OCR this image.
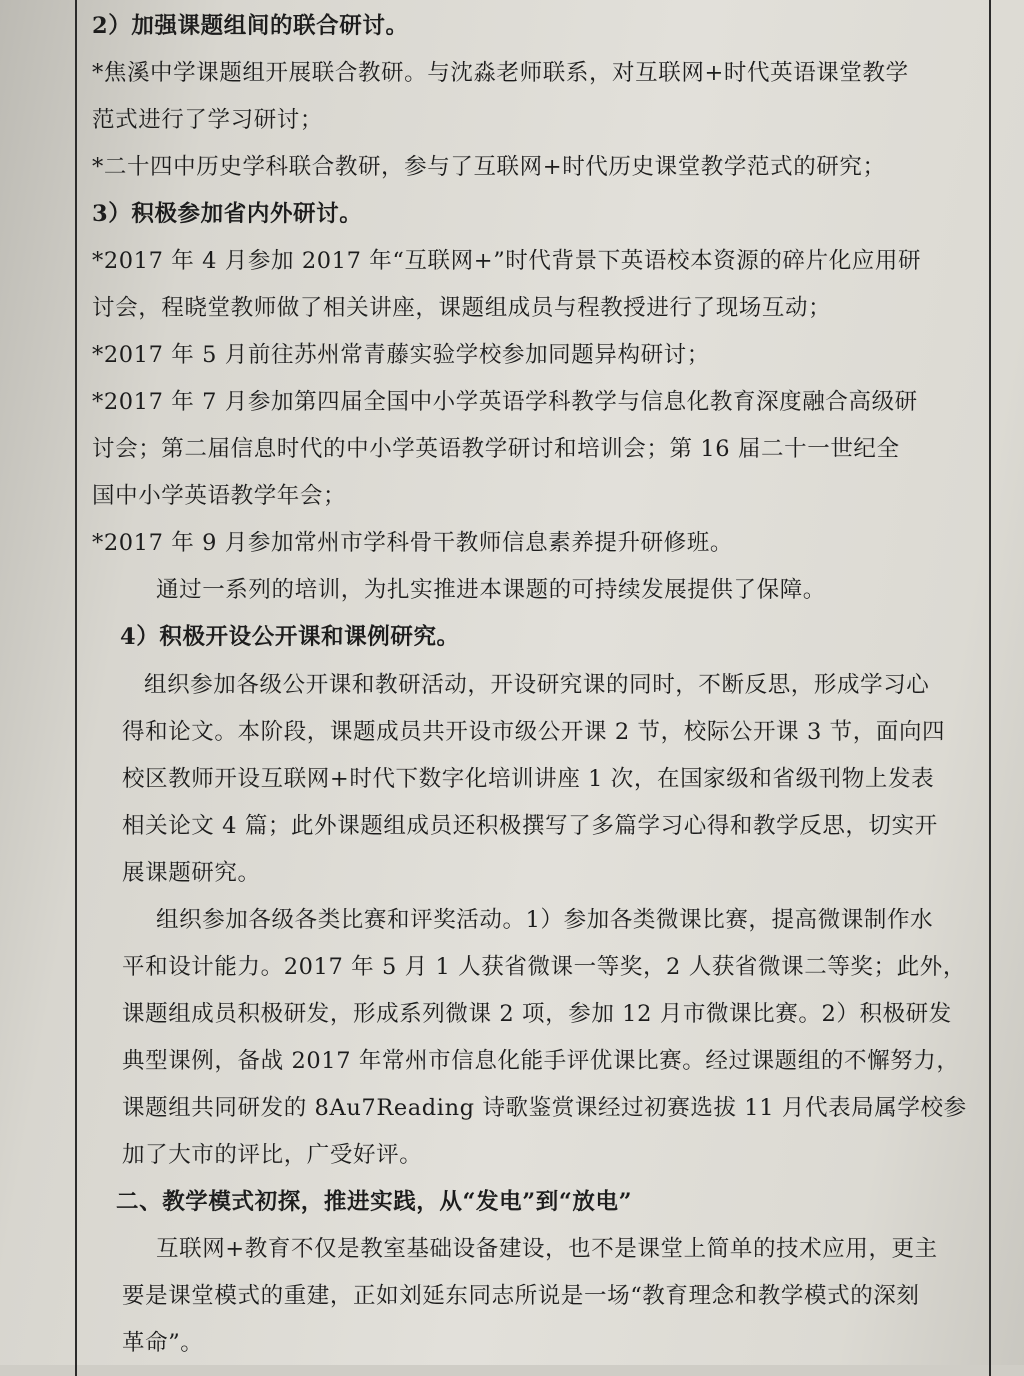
2）加强课题组间的联合研讨。
*焦溪中学课题组开展联合教研。与沈淼老师联系，对互联网+时代英语课堂教学
范式进行了学习研讨；
*二十四中历史学科联合教研，参与了互联网+时代历史课堂教学范式的研究；
3）积极参加省内外研讨。
*2017 年 4 月参加 2017 年“互联网+”时代背景下英语校本资源的碎片化应用研
讨会，程晓堂教师做了相关讲座，课题组成员与程教授进行了现场互动；
*2017 年 5 月前往苏州常青藤实验学校参加同题异构研讨；
*2017 年 7 月参加第四届全国中小学英语学科教学与信息化教育深度融合高级研
讨会；第二届信息时代的中小学英语教学研讨和培训会；第 16 届二十一世纪全
国中小学英语教学年会；
*2017 年 9 月参加常州市学科骨干教师信息素养提升研修班。
通过一系列的培训，为扎实推进本课题的可持续发展提供了保障。
4）积极开设公开课和课例研究。
组织参加各级公开课和教研活动，开设研究课的同时，不断反思，形成学习心
得和论文。本阶段，课题成员共开设市级公开课 2 节，校际公开课 3 节，面向四
校区教师开设互联网+时代下数字化培训讲座 1 次，在国家级和省级刊物上发表
相关论文 4 篇；此外课题组成员还积极撰写了多篇学习心得和教学反思，切实开
展课题研究。
组织参加各级各类比赛和评奖活动。1）参加各类微课比赛，提高微课制作水
平和设计能力。2017 年 5 月 1 人获省微课一等奖，2 人获省微课二等奖；此外，
课题组成员积极研发，形成系列微课 2 项，参加 12 月市微课比赛。2）积极研发
典型课例，备战 2017 年常州市信息化能手评优课比赛。经过课题组的不懈努力，
课题组共同研发的 8Au7Reading 诗歌鉴赏课经过初赛选拔 11 月代表局属学校参
加了大市的评比，广受好评。
二、教学模式初探，推进实践，从“发电”到“放电”
互联网+教育不仅是教室基础设备建设，也不是课堂上简单的技术应用，更主
要是课堂模式的重建，正如刘延东同志所说是一场“教育理念和教学模式的深刻
革命”。
